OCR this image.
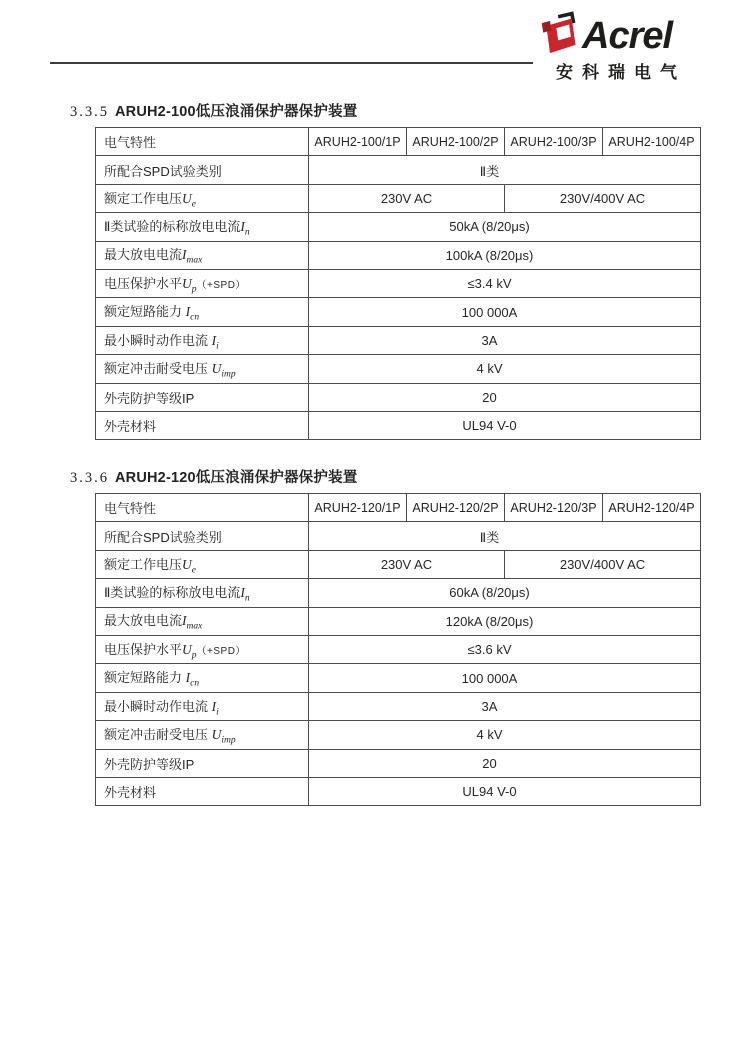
Acrel
安科瑞电气
3.3.5 ARUH2-100低压浪涌保护器保护装置
电气特性	ARUH2-100/1P	ARUH2-100/2P	ARUH2-100/3P	ARUH2-100/4P
所配合SPD试验类别	Ⅱ类			
额定工作电压$U_e$	230V AC		230V/400V AC	
Ⅱ类试验的标称放电电流$I_n$	50kA (8/20μs)			
最大放电电流$I_{max}$	100kA (8/20μs)			
电压保护水平$U_p(+SPD)$	≤3.4 kV			
额定短路能力 $I_{cn}$	100 000A			
最小瞬时动作电流 $I_i$	3A			
额定冲击耐受电压 $U_{imp}$	4 kV			
外壳防护等级IP	20			
外壳材料	UL94 V-0			
3.3.6 ARUH2-120低压浪涌保护器保护装置
电气特性	ARUH2-120/1P	ARUH2-120/2P	ARUH2-120/3P	ARUH2-120/4P
所配合SPD试验类别	Ⅱ类			
额定工作电压$U_e$	230V AC		230V/400V AC	
Ⅱ类试验的标称放电电流$I_n$	60kA (8/20μs)			
最大放电电流$I_{max}$	120kA (8/20μs)			
电压保护水平$U_p(+SPD)$	≤3.6 kV			
额定短路能力 $I_{cn}$	100 000A			
最小瞬时动作电流 $I_i$	3A			
额定冲击耐受电压 $U_{imp}$	4 kV			
外壳防护等级IP	20			
外壳材料	UL94 V-0			
